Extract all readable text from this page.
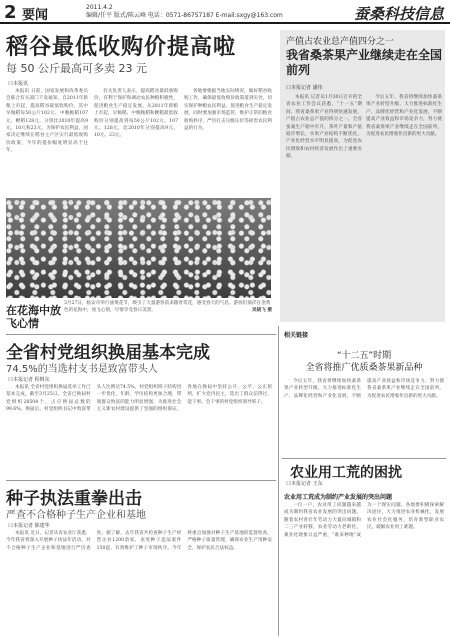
2 要闻
2011.4.2
编辑/任平 版式/陈云峰 电话：0571-86757187 E-mail:sxgy@163.com	蚕桑科技信息
稻谷最低收购价提高啦
每 50 公斤最高可多卖 23 元
口本报讯
本报讯 日前，国家发展和改革委员会联合有关部门下发通知，自2011年新粮上市起，提高稻谷最低收购价，其中早籼稻每50公斤102元、中晚籼稻107元、粳稻128元，分别比2010年提高9元、10元和23元。为保护农民利益，国家决定继续在稻谷主产区实行最低收购价政策，今年的提价幅度明显高于往年。
有关负责人表示，提高稻谷最低收购价，有利于保护和调动农民种粮积极性，促进粮食生产稳定发展。从2011年新粮上市起，早籼稻、中晚籼稻和粳稻最低收购价分别提高到每50公斤102元、107元、128元，比2010年分别提高9元、10元、23元。
各地要根据当地实际情况，做好稻谷收购工作，确保最低收购价政策落到实处，切实保护种粮农民利益，促进粮食生产稳定发展。同时要加强市场监管，维护正常的粮食收购秩序，严厉打击压级压价等损害农民利益的行为。
在花海中放飞心情
3月27日，临安市举行油菜花节，吸引了大量游客前来踏青赏花，感受春天的气息。游客们徜徉在金黄色的花海中，放飞心情，尽情享受春日美景。	吴晓飞 摄
产值占农业总产值四分之一
我省桑茶果产业继续走在全国前列
口本报记者 潘伟
本报讯 记者从1月30日召开的全省农业工作会议获悉，“十一五”期间，我省桑茶果产业得到快速发展，产值占农业总产值的四分之一。全省蚕桑生产稳中有升，茶叶产量和产值稳步增长，水果产业结构不断优化，产业化经营水平明显提高，为促进农民增收和农村经济发展作出了重要贡献。
今后五年，我省将继续加快桑茶果产业转型升级，大力推进标准化生产、品牌化经营和产业化发展，不断提高产业效益和市场竞争力，努力使我省桑茶果产业继续走在全国前列，为促进农民增收作出新的更大贡献。
全省村党组织换届基本完成
74.5%的当选村支书是致富带头人
口本报记者 程继东
本报讯 全省村党组织换届选举工作已基本完成。截至3月25日，全省已换届村党组织28504个，占应换届总数的99.6%。换届后，村党组织书记中致富带头人比例达74.5%，村党组织班子结构进一步优化，年龄、学历结构更加合理，带领群众致富的能力明显增强，为推进社会主义新农村建设提供了坚强的组织保证。各地在换届中坚持公开、公平、公正原则，扩大党内民主，选出了群众信得过、能干事、会干事的村党组织领导班子。
种子执法重拳出击
严查不合格种子生产企业和基地
口本报记者 陈建华
本报讯 近日，记者从省农业厅获悉，今年我省将深入开展种子执法年活动，对不合格种子生产企业和基地进行严厉查处。据了解，去年我省共检查种子生产经营企业1200余家，查处种子违法案件150起，有效维护了种子市场秩序。今年将重点加强对种子生产基地的监督检查，严格种子质量管理，确保农业生产用种安全，保护农民合法权益。
相关链接
“十二五”时期
全省将推广优质桑茶果新品种
今后五年，我省将继续加快桑茶果产业转型升级，大力推进标准化生产、品牌化经营和产业化发展，不断提高产业效益和市场竞争力，努力使我省桑茶果产业继续走在全国前列，为促进农民增收作出新的更大贡献。
农业用工荒的困扰
口本报记者 王东
农业用工荒成为制约产业发展的突出问题
一位一户，农业用工问题越来越成为制约我省农业发展的突出问题。随着农村青壮年劳动力大量向城镇和二三产业转移，农业劳动力老龄化、兼业化现象日益严重，“谁来种地”成为一个现实问题。各地要积极探索解决途径，大力推进农业机械化，发展农业社会化服务，培育新型职业农民，破解农业用工难题。
